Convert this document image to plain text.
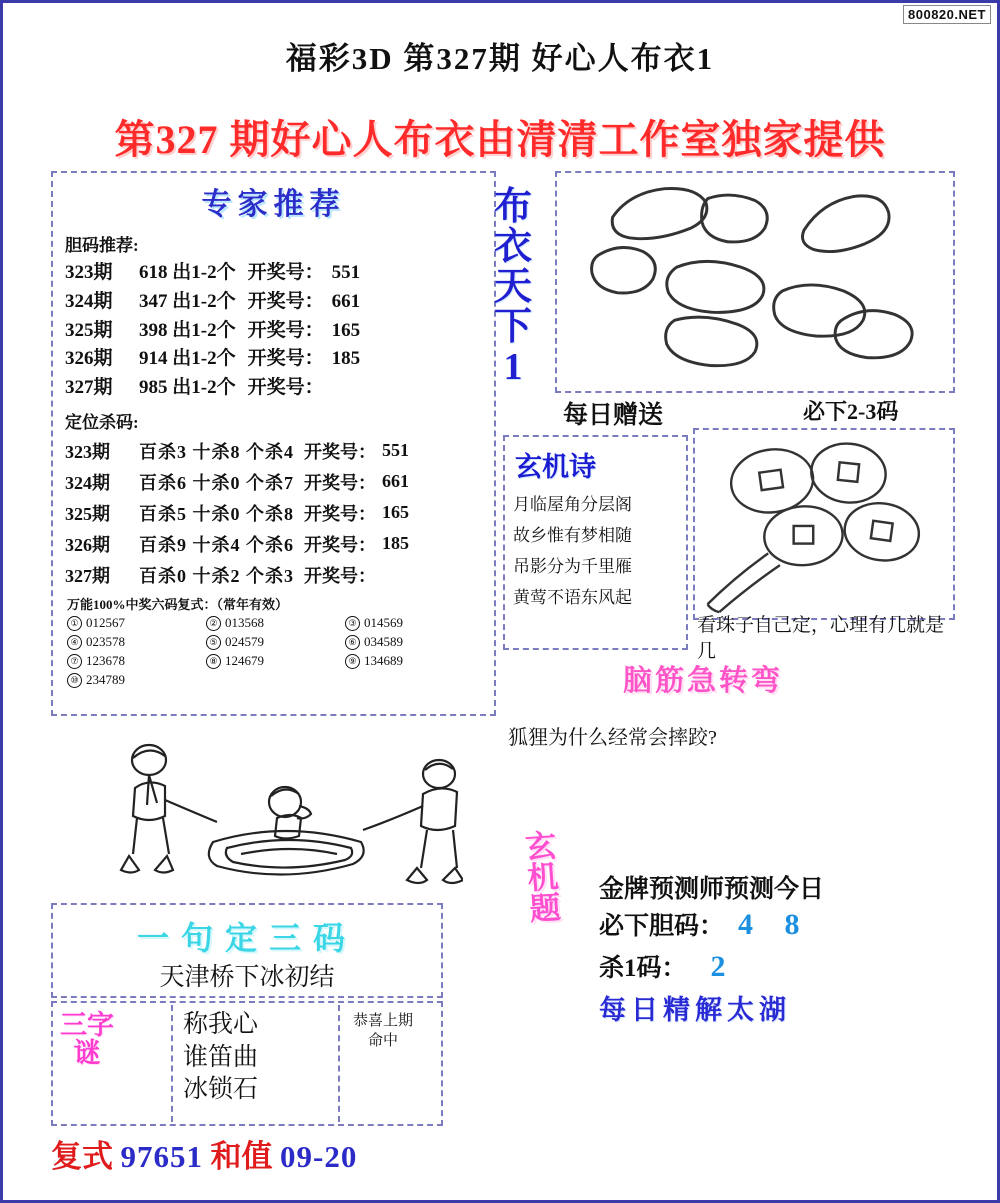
800820.NET
福彩3D 第327期 好心人布衣1
第327 期好心人布衣由清清工作室独家提供
专家推荐
胆码推荐:
323期	618 出1-2个 开奖号： 551
324期	347 出1-2个 开奖号： 661
325期	398 出1-2个 开奖号： 165
326期	914 出1-2个 开奖号： 185
327期	985 出1-2个 开奖号：
定位杀码:
323期	百杀3 十杀8 个杀4 开奖号： 551
324期	百杀6 十杀0 个杀7 开奖号： 661
325期	百杀5 十杀0 个杀8 开奖号： 165
326期	百杀9 十杀4 个杀6 开奖号： 185
327期	百杀0 十杀2 个杀3 开奖号：
万能100%中奖六码复式：（常年有效）
① 012567	② 013568	③ 014569
④ 023578	⑤ 024579	⑥ 034589
⑦ 123678	⑧ 124679	⑨ 134689
⑩ 234789
布
衣
天
下
1
每日赠送	必下2-3码
玄机诗
月临屋角分层阁
故乡惟有梦相随
吊影分为千里雁
黄莺不语东风起
看珠子自己定，心理有几就是几
脑筋急转弯
狐狸为什么经常会摔跤?
一句定三码
天津桥下冰初结
三字谜
称我心
谁笛曲
冰锁石
恭喜上期命中
复式 97651 和值 09-20
玄
机
题
金牌预测师预测今日
必下胆码： 4 8
杀1码： 2
每日精解太湖
